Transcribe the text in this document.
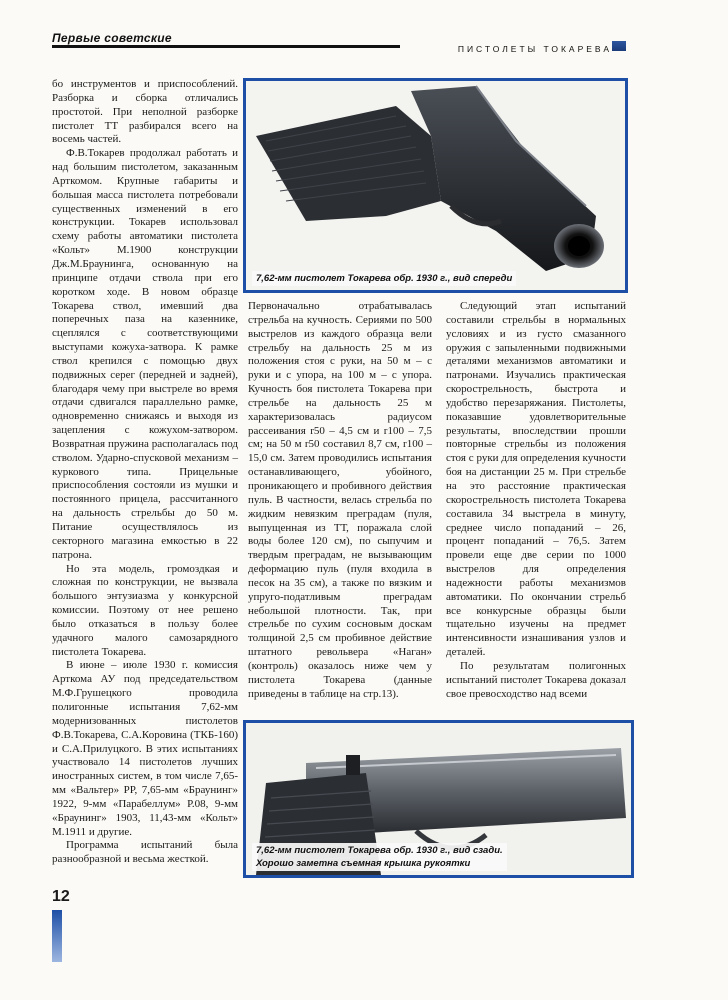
Первые советские
ПИСТОЛЕТЫ ТОКАРЕВА

бо инструментов и приспособлений. Разборка и сборка отличались простотой. При неполной разборке пистолет ТТ разбирался всего на восемь частей.

Ф.В.Токарев продолжал работать и над большим пистолетом, заказанным Арткомом. Крупные габариты и большая масса пистолета потребовали существенных изменений в его конструкции. Токарев использовал схему работы автоматики пистолета «Кольт» М.1900 конструкции Дж.М.Браунинга, основанную на принципе отдачи ствола при его коротком ходе. В новом образце Токарева ствол, имевший два поперечных паза на казеннике, сцеплялся с соответствующими выступами кожуха-затвора. К рамке ствол крепился с помощью двух подвижных серег (передней и задней), благодаря чему при выстреле во время отдачи сдвигался параллельно рамке, одновременно снижаясь и выходя из зацепления с кожухом-затвором. Возвратная пружина располагалась под стволом. Ударно-спусковой механизм – куркового типа. Прицельные приспособления состояли из мушки и постоянного прицела, рассчитанного на дальность стрельбы до 50 м. Питание осуществлялось из секторного магазина емкостью в 22 патрона.

Но эта модель, громоздкая и сложная по конструкции, не вызвала большого энтузиазма у конкурсной комиссии. Поэтому от нее решено было отказаться в пользу более удачного малого самозарядного пистолета Токарева.

В июне – июле 1930 г. комиссия Арткома АУ под председательством М.Ф.Грушецкого проводила полигонные испытания 7,62-мм модернизованных пистолетов Ф.В.Токарева, С.А.Коровина (ТКБ-160) и С.А.Прилуцкого. В этих испытаниях участвовало 14 пистолетов лучших иностранных систем, в том числе 7,65-мм «Вальтер» РР, 7,65-мм «Браунинг» 1922, 9-мм «Парабеллум» Р.08, 9-мм «Браунинг» 1903, 11,43-мм «Кольт» М.1911 и другие.

Программа испытаний была разнообразной и весьма жесткой.

7,62-мм пистолет Токарева обр. 1930 г., вид спереди

Первоначально отрабатывалась стрельба на кучность. Сериями по 500 выстрелов из каждого образца вели стрельбу на дальность 25 м из положения стоя с руки, на 50 м – с руки и с упора, на 100 м – с упора. Кучность боя пистолета Токарева при стрельбе на дальность 25 м характеризовалась радиусом рассеивания r50 – 4,5 см и r100 – 7,5 см; на 50 м r50 составил 8,7 см, r100 – 15,0 см. Затем проводились испытания останавливающего, убойного, проникающего и пробивного действия пуль. В частности, велась стрельба по жидким невязким преградам (пуля, выпущенная из ТТ, поражала слой воды более 120 см), по сыпучим и твердым преградам, не вызывающим деформацию пуль (пуля входила в песок на 35 см), а также по вязким и упруго-податливым преградам небольшой плотности. Так, при стрельбе по сухим сосновым доскам толщиной 2,5 см пробивное действие штатного револьвера «Наган» (контроль) оказалось ниже чем у пистолета Токарева (данные приведены в таблице на стр.13).

Следующий этап испытаний составили стрельбы в нормальных условиях и из густо смазанного оружия с запыленными подвижными деталями механизмов автоматики и патронами. Изучались практическая скорострельность, быстрота и удобство перезаряжания. Пистолеты, показавшие удовлетворительные результаты, впоследствии прошли повторные стрельбы из положения стоя с руки для определения кучности боя на дистанции 25 м. При стрельбе на это расстояние практическая скорострельность пистолета Токарева составила 34 выстрела в минуту, среднее число попаданий – 26, процент попаданий – 76,5. Затем провели еще две серии по 1000 выстрелов для определения надежности работы механизмов автоматики. По окончании стрельб все конкурсные образцы были тщательно изучены на предмет интенсивности изнашивания узлов и деталей.

По результатам полигонных испытаний пистолет Токарева доказал свое превосходство над всеми

7,62-мм пистолет Токарева обр. 1930 г., вид сзади.
Хорошо заметна съемная крышка рукоятки
12
